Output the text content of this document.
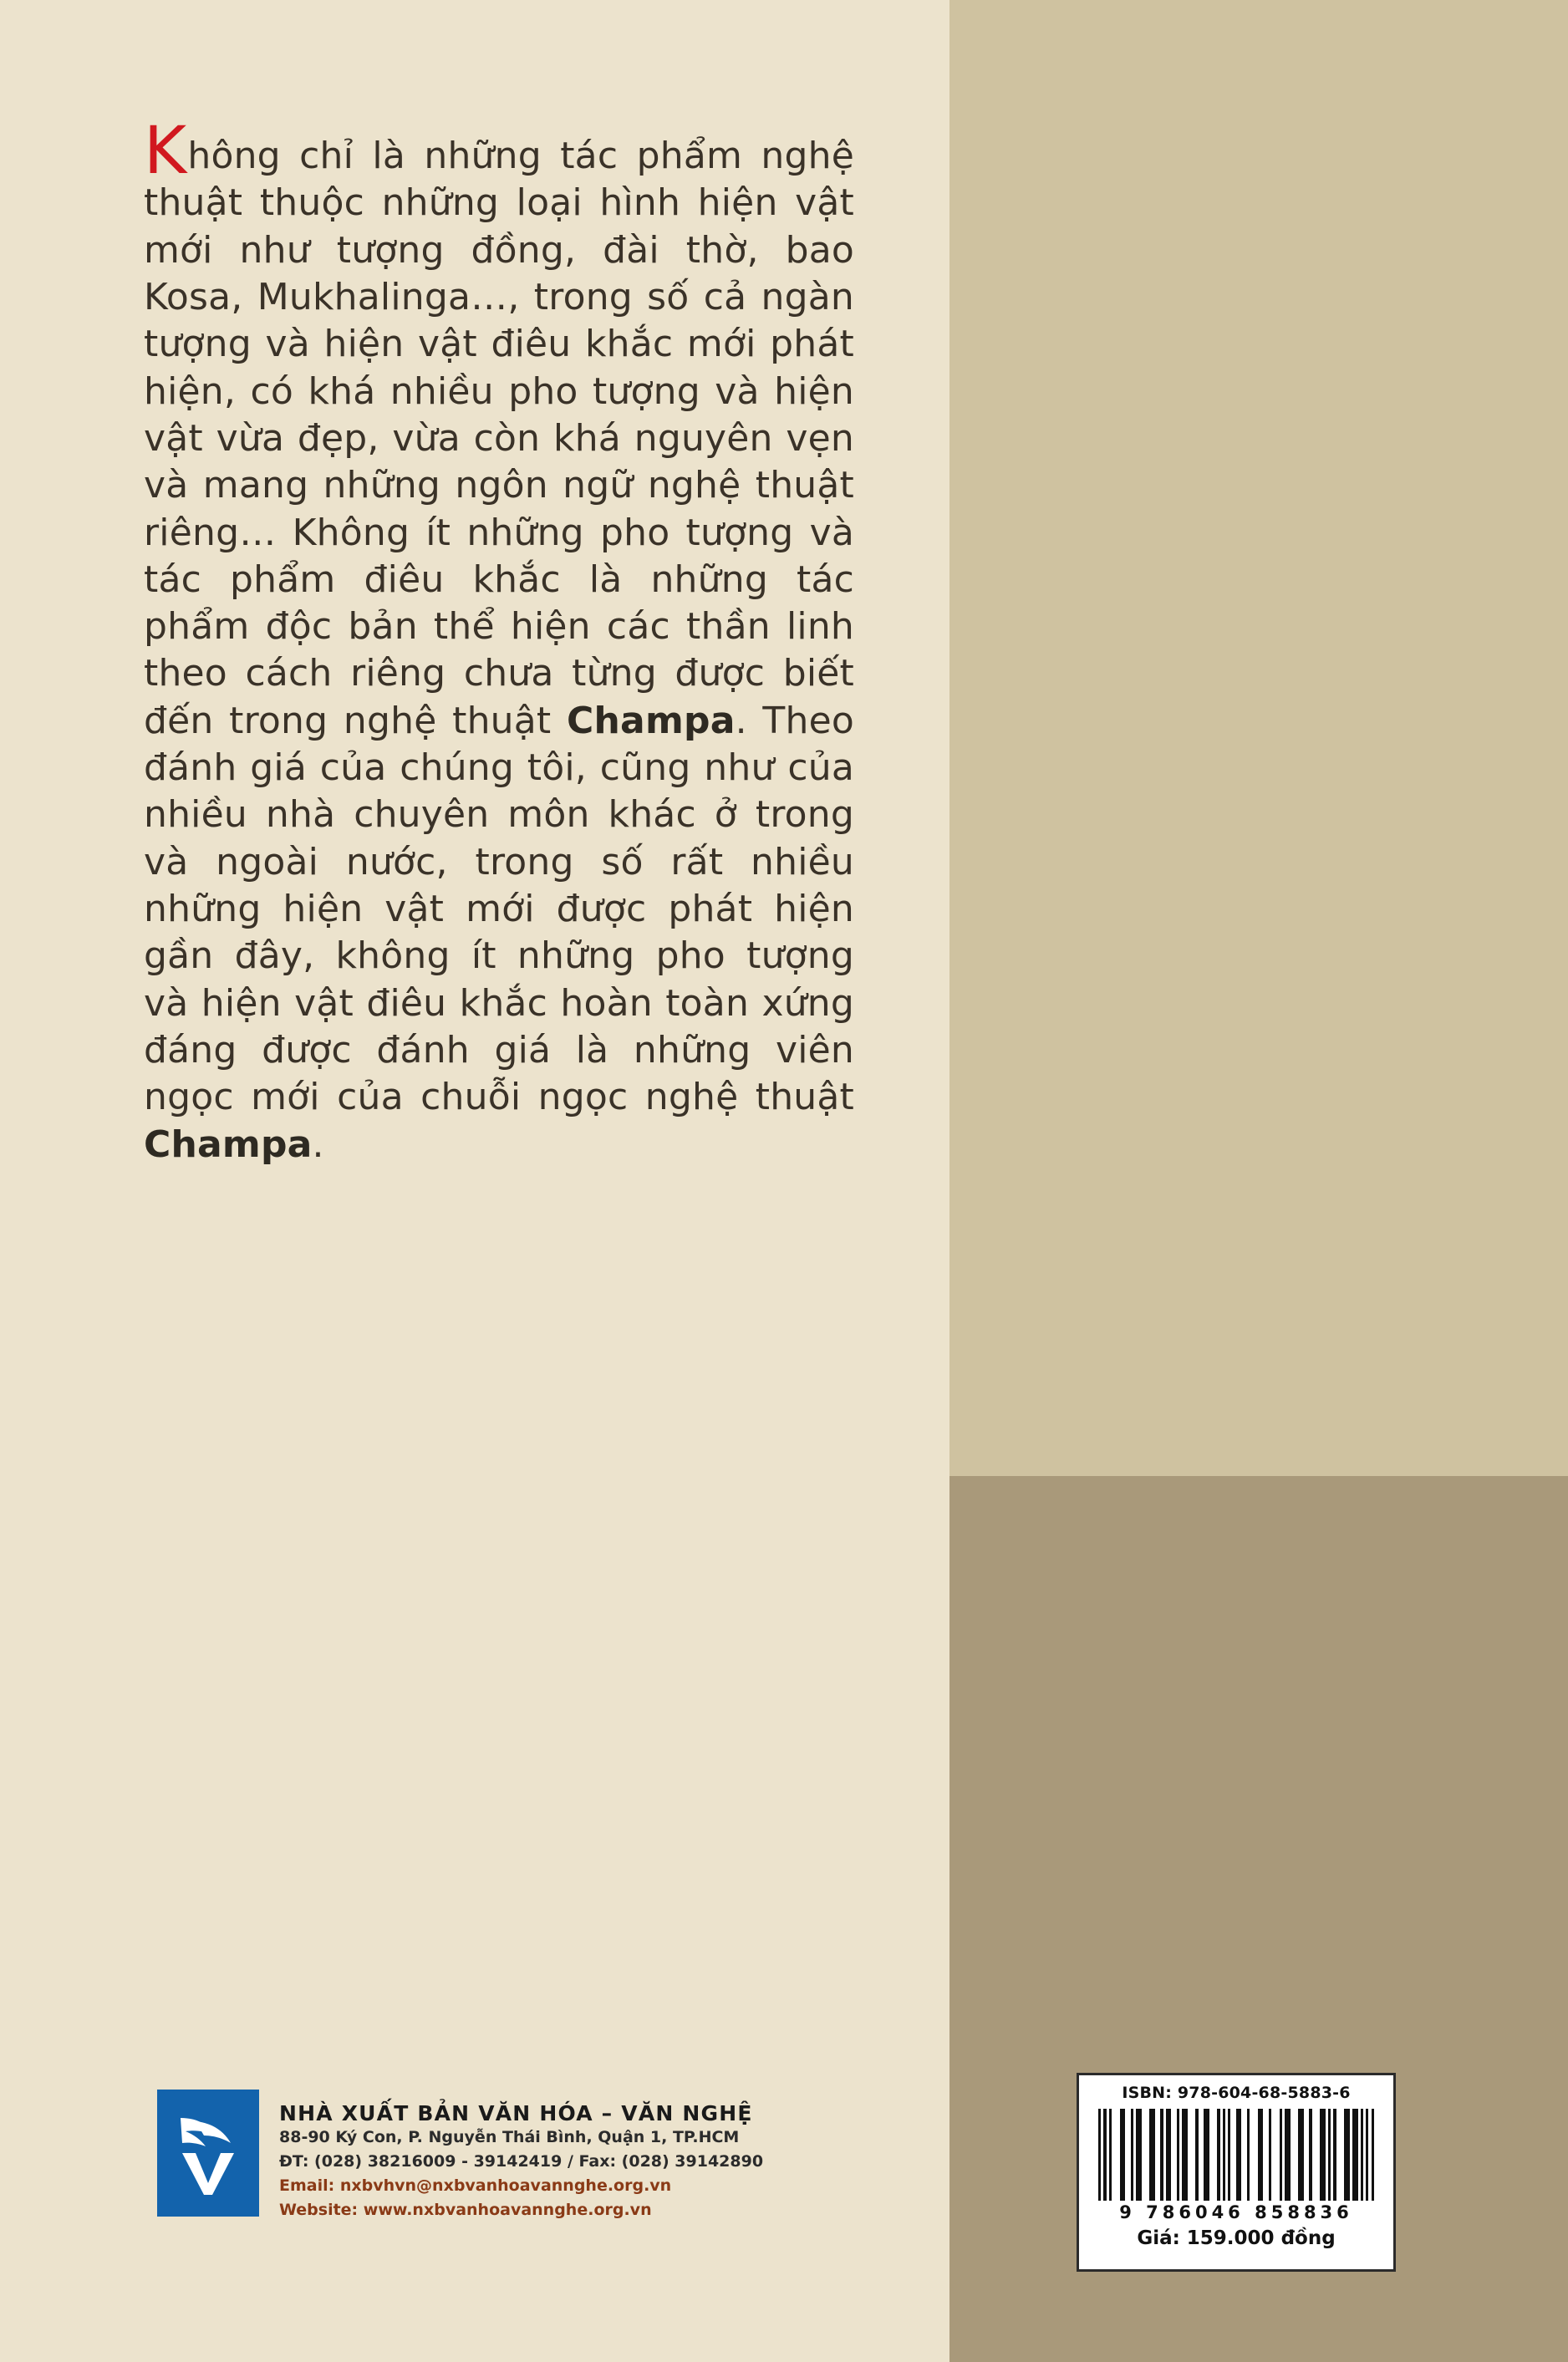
Không chỉ là những tác phẩm nghệ thuật thuộc những loại hình hiện vật mới như tượng đồng, đài thờ, bao Kosa, Mukhalinga…, trong số cả ngàn tượng và hiện vật điêu khắc mới phát hiện, có khá nhiều pho tượng và hiện vật vừa đẹp, vừa còn khá nguyên vẹn và mang những ngôn ngữ nghệ thuật riêng… Không ít những pho tượng và tác phẩm điêu khắc là những tác phẩm độc bản thể hiện các thần linh theo cách riêng chưa từng được biết đến trong nghệ thuật Champa. Theo đánh giá của chúng tôi, cũng như của nhiều nhà chuyên môn khác ở trong và ngoài nước, trong số rất nhiều những hiện vật mới được phát hiện gần đây, không ít những pho tượng và hiện vật điêu khắc hoàn toàn xứng đáng được đánh giá là những viên ngọc mới của chuỗi ngọc nghệ thuật Champa.
NHÀ XUẤT BẢN VĂN HÓA – VĂN NGHỆ
88-90 Ký Con, P. Nguyễn Thái Bình, Quận 1, TP.HCM
ĐT: (028) 38216009 - 39142419 / Fax: (028) 39142890
Email: nxbvhvn@nxbvanhoavannghe.org.vn
Website: www.nxbvanhoavannghe.org.vn
ISBN: 978-604-68-5883-6
9 786046 858836
Giá: 159.000 đồng
